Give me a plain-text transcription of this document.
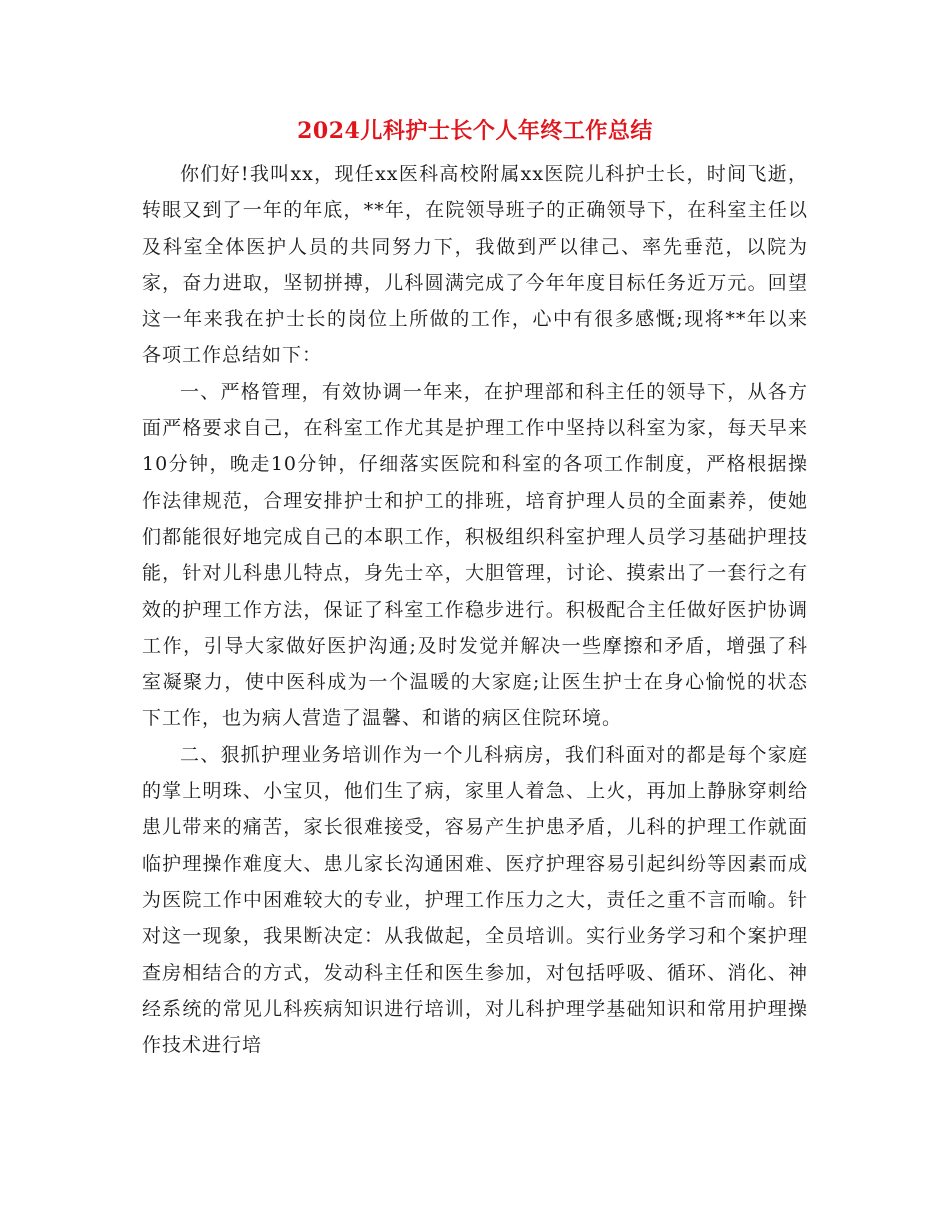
2024儿科护士长个人年终工作总结

你们好!我叫xx，现任xx医科高校附属xx医院儿科护士长，时间飞逝，转眼又到了一年的年底，**年，在院领导班子的正确领导下，在科室主任以及科室全体医护人员的共同努力下，我做到严以律己、率先垂范，以院为家，奋力进取，坚韧拼搏，儿科圆满完成了今年年度目标任务近万元。回望这一年来我在护士长的岗位上所做的工作，心中有很多感慨;现将**年以来各项工作总结如下：

一、严格管理，有效协调一年来，在护理部和科主任的领导下，从各方面严格要求自己，在科室工作尤其是护理工作中坚持以科室为家，每天早来10分钟，晚走10分钟，仔细落实医院和科室的各项工作制度，严格根据操作法律规范，合理安排护士和护工的排班，培育护理人员的全面素养，使她们都能很好地完成自己的本职工作，积极组织科室护理人员学习基础护理技能，针对儿科患儿特点，身先士卒，大胆管理，讨论、摸索出了一套行之有效的护理工作方法，保证了科室工作稳步进行。积极配合主任做好医护协调工作，引导大家做好医护沟通;及时发觉并解决一些摩擦和矛盾，增强了科室凝聚力，使中医科成为一个温暖的大家庭;让医生护士在身心愉悦的状态下工作，也为病人营造了温馨、和谐的病区住院环境。

二、狠抓护理业务培训作为一个儿科病房，我们科面对的都是每个家庭的掌上明珠、小宝贝，他们生了病，家里人着急、上火，再加上静脉穿刺给患儿带来的痛苦，家长很难接受，容易产生护患矛盾，儿科的护理工作就面临护理操作难度大、患儿家长沟通困难、医疗护理容易引起纠纷等因素而成为医院工作中困难较大的专业，护理工作压力之大，责任之重不言而喻。针对这一现象，我果断决定：从我做起，全员培训。实行业务学习和个案护理查房相结合的方式，发动科主任和医生参加，对包括呼吸、循环、消化、神经系统的常见儿科疾病知识进行培训，对儿科护理学基础知识和常用护理操作技术进行培
